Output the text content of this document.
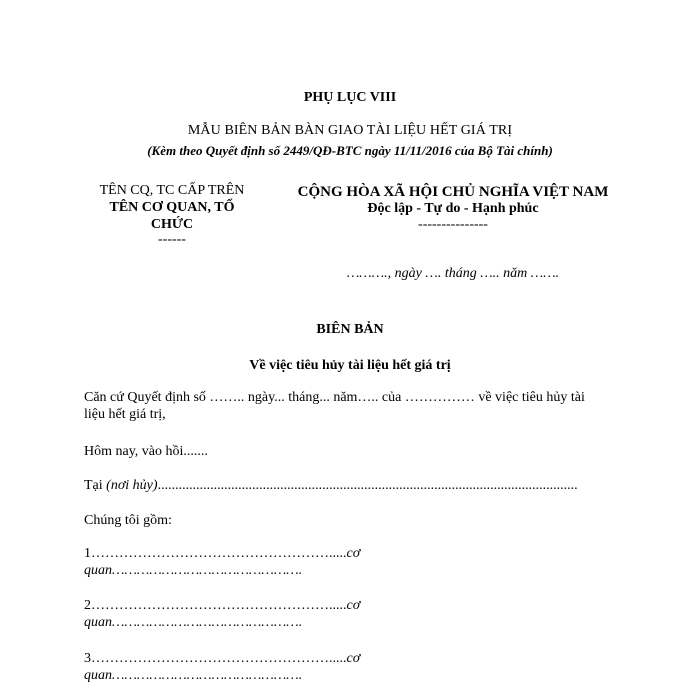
PHỤ LỤC VIII
MẪU BIÊN BẢN BÀN GIAO TÀI LIỆU HẾT GIÁ TRỊ
(Kèm theo Quyết định số 2449/QĐ-BTC ngày 11/11/2016 của Bộ Tài chính)
TÊN CQ, TC CẤP TRÊN
TÊN CƠ QUAN, TỔ
CHỨC
------
CỘNG HÒA XÃ HỘI CHỦ NGHĨA VIỆT NAM
Độc lập - Tự do - Hạnh phúc
---------------
………., ngày …. tháng ….. năm …….
BIÊN BẢN
Về việc tiêu hủy tài liệu hết giá trị
Căn cứ Quyết định số …….. ngày... tháng... năm….. của …………… về việc tiêu hủy tài
liệu hết giá trị,
Hôm nay, vào hồi.......
Tại (nơi hủy)........................................................................................................................
Chúng tôi gồm:
1…………………………………………….....cơ
quan……………………………………….
2…………………………………………….....cơ
quan……………………………………….
3…………………………………………….....cơ
quan……………………………………….
